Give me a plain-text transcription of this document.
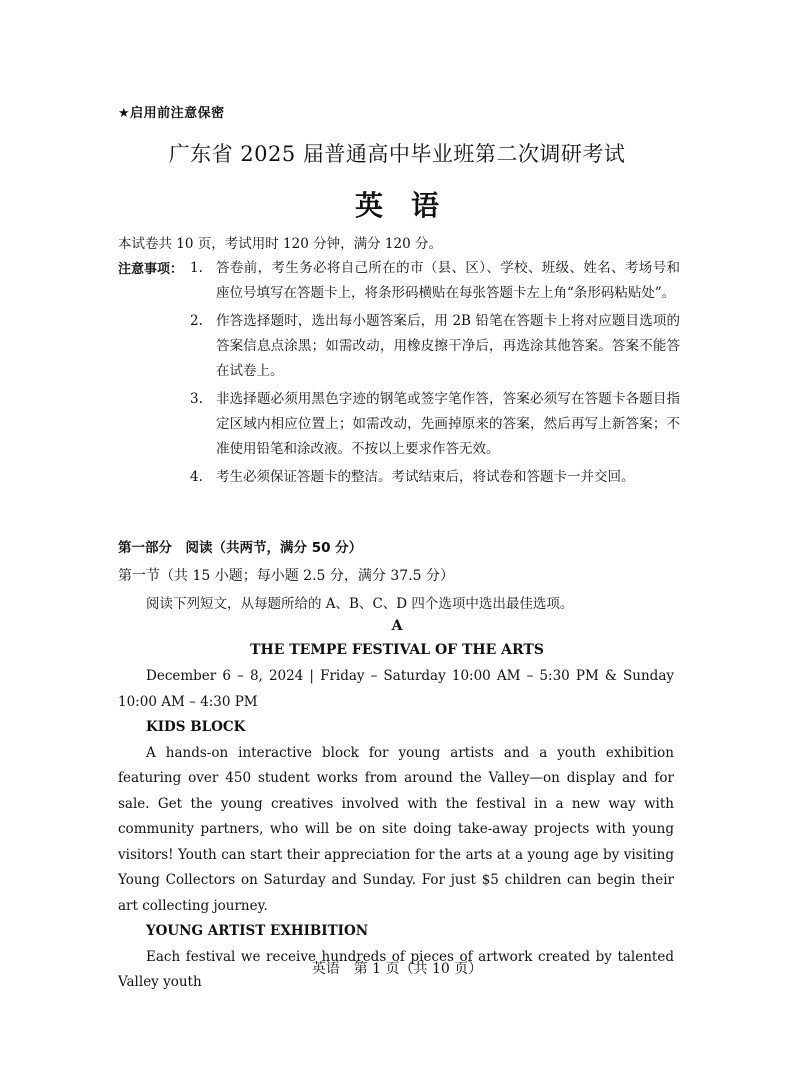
★启用前注意保密
广东省 2025 届普通高中毕业班第二次调研考试
英　语
本试卷共 10 页，考试用时 120 分钟，满分 120 分。
注意事项： 1. 答卷前，考生务必将自己所在的市（县、区）、学校、班级、姓名、考场号和座位号填写在答题卡上，将条形码横贴在每张答题卡左上角“条形码粘贴处”。
2. 作答选择题时，选出每小题答案后，用 2B 铅笔在答题卡上将对应题目选项的答案信息点涂黑；如需改动，用橡皮擦干净后，再选涂其他答案。答案不能答在试卷上。
3. 非选择题必须用黑色字迹的钢笔或签字笔作答，答案必须写在答题卡各题目指定区域内相应位置上；如需改动，先画掉原来的答案，然后再写上新答案；不准使用铅笔和涂改液。不按以上要求作答无效。
4. 考生必须保证答题卡的整洁。考试结束后，将试卷和答题卡一并交回。
第一部分　阅读（共两节，满分 50 分）
第一节（共 15 小题；每小题 2.5 分，满分 37.5 分）
阅读下列短文，从每题所给的 A、B、C、D 四个选项中选出最佳选项。
A
THE TEMPE FESTIVAL OF THE ARTS

December 6 – 8, 2024 | Friday – Saturday 10:00 AM – 5:30 PM & Sunday 10:00 AM – 4:30 PM

KIDS BLOCK

A hands-on interactive block for young artists and a youth exhibition featuring over 450 student works from around the Valley—on display and for sale. Get the young creatives involved with the festival in a new way with community partners, who will be on site doing take-away projects with young visitors! Youth can start their appreciation for the arts at a young age by visiting Young Collectors on Saturday and Sunday. For just $5 children can begin their art collecting journey.

YOUNG ARTIST EXHIBITION

Each festival we receive hundreds of pieces of artwork created by talented Valley youth

英语　第 1 页（共 10 页）
